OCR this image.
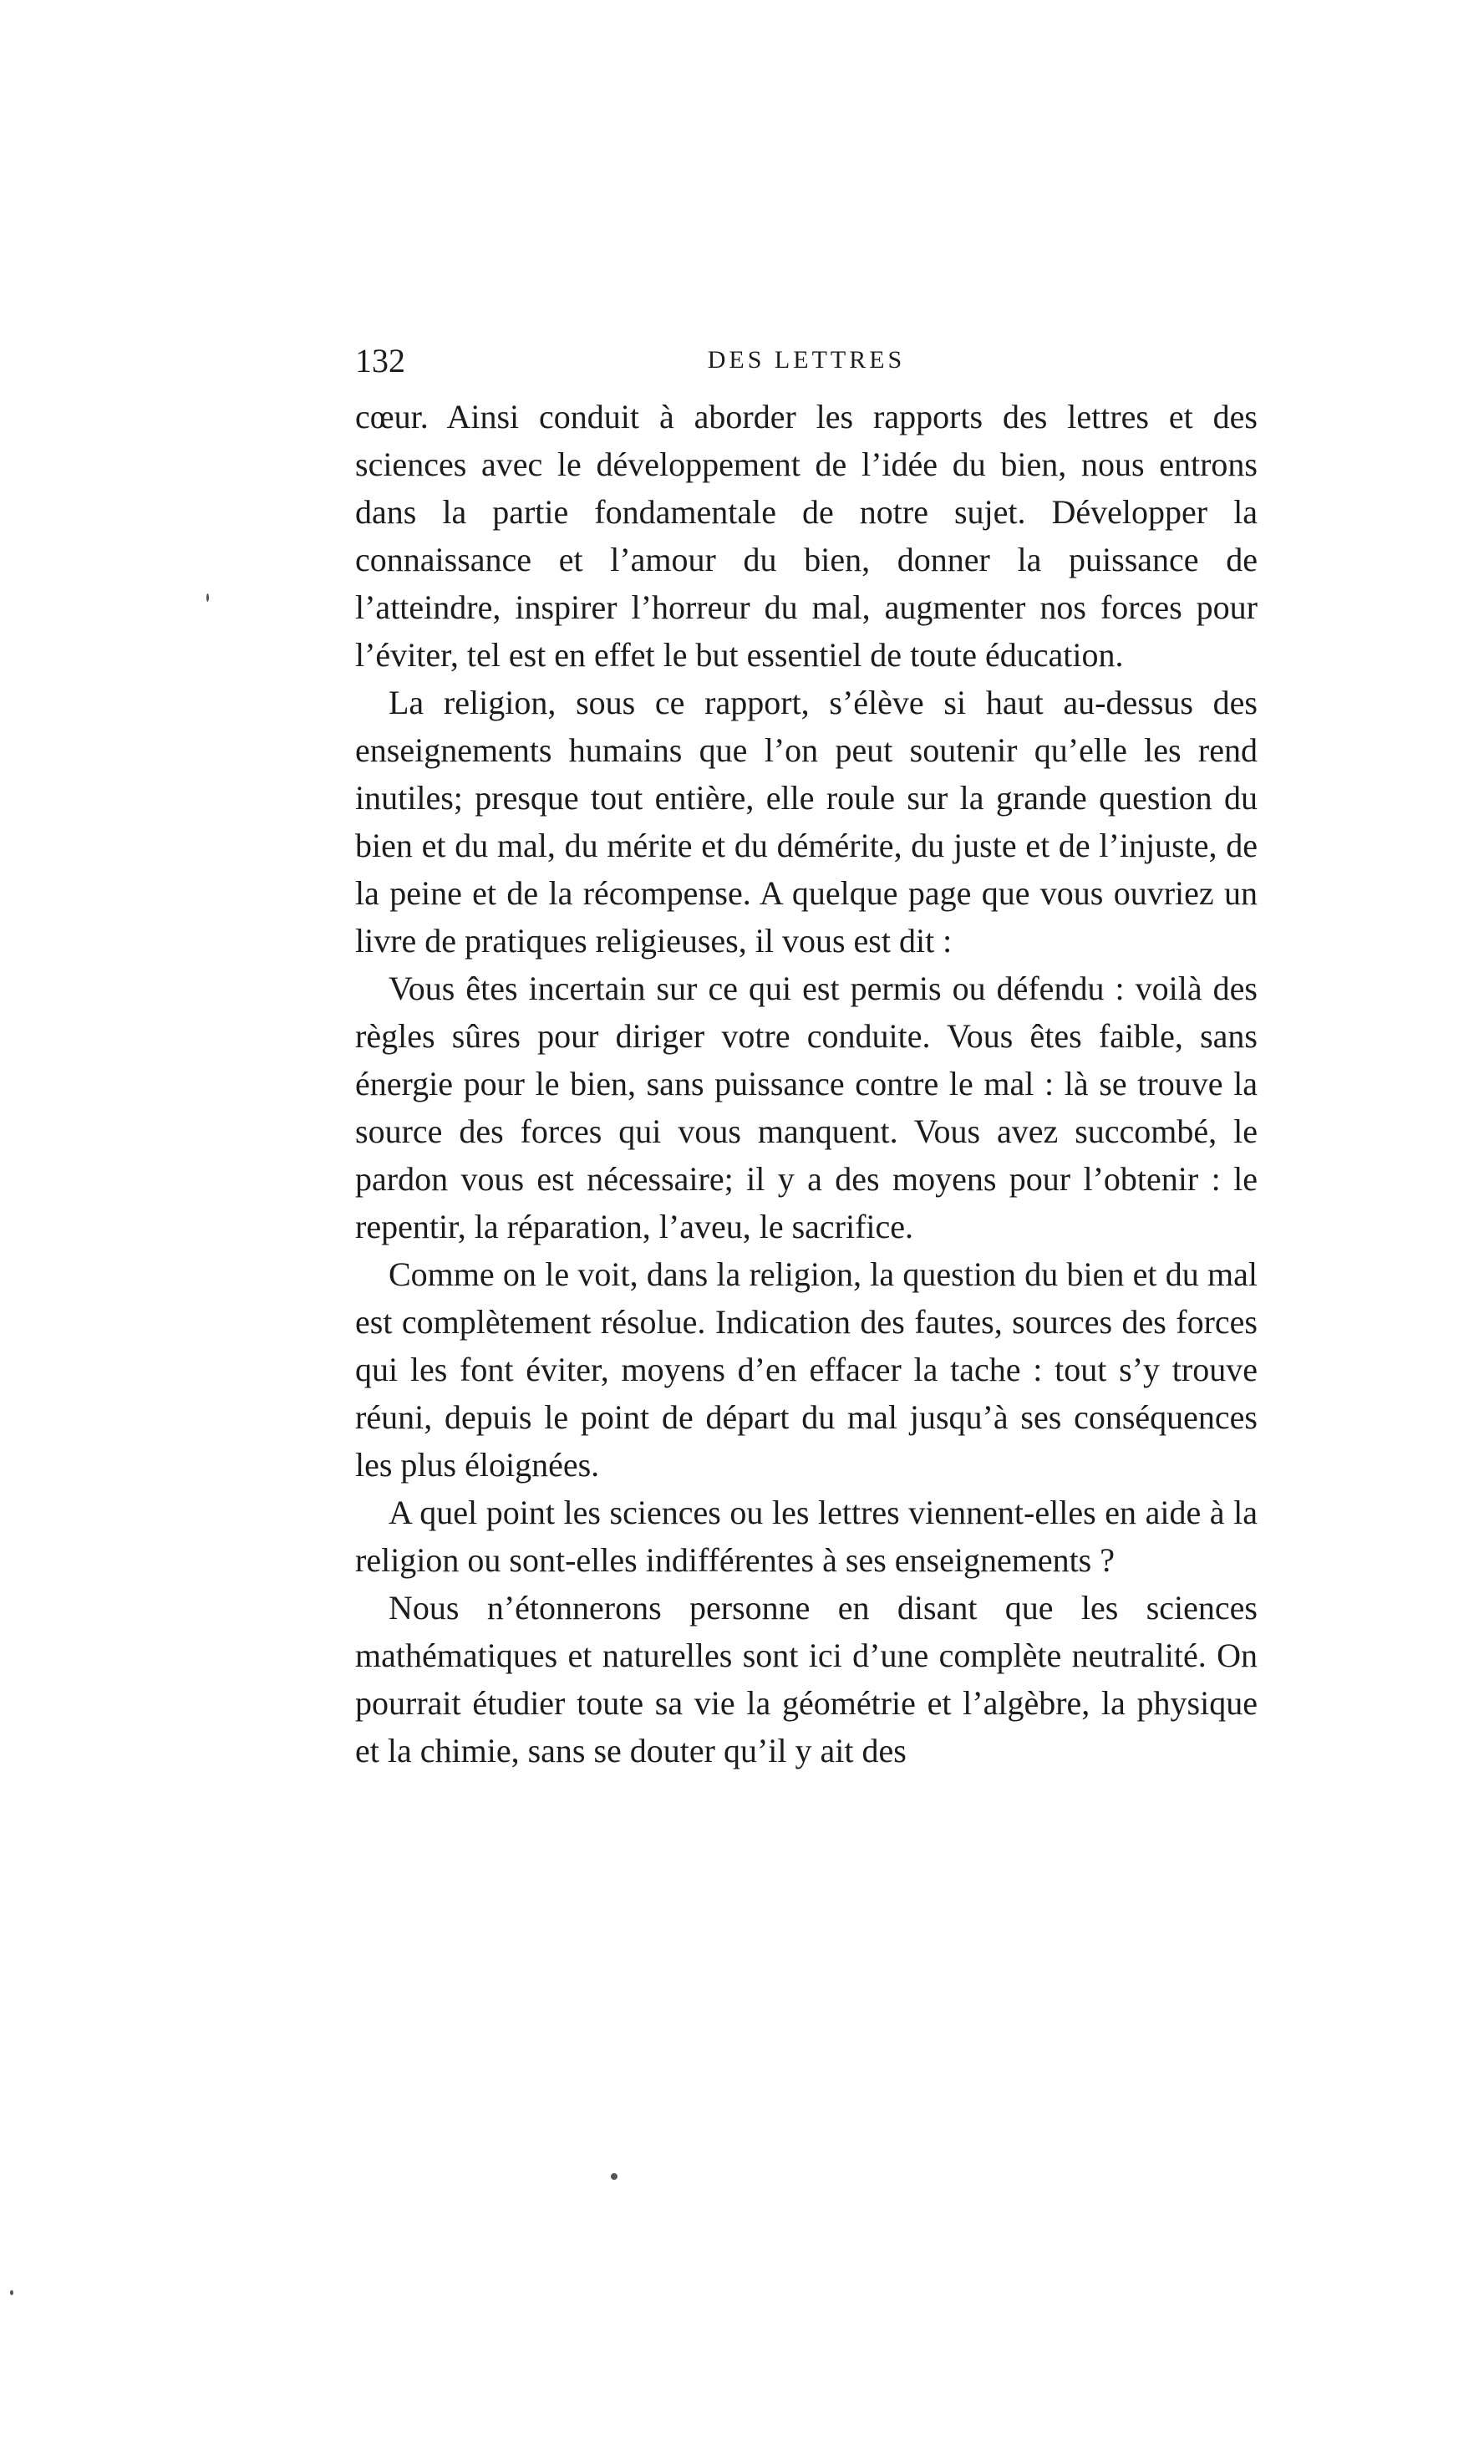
132	DES LETTRES

cœur. Ainsi conduit à aborder les rapports des lettres et des sciences avec le développement de l’idée du bien, nous entrons dans la partie fondamentale de notre sujet. Développer la connaissance et l’amour du bien, donner la puissance de l’atteindre, inspirer l’horreur du mal, augmenter nos forces pour l’éviter, tel est en effet le but essentiel de toute éducation.

La religion, sous ce rapport, s’élève si haut au-dessus des enseignements humains que l’on peut soutenir qu’elle les rend inutiles; presque tout entière, elle roule sur la grande question du bien et du mal, du mérite et du démérite, du juste et de l’injuste, de la peine et de la récompense. A quelque page que vous ouvriez un livre de pratiques religieuses, il vous est dit :

Vous êtes incertain sur ce qui est permis ou défendu : voilà des règles sûres pour diriger votre conduite. Vous êtes faible, sans énergie pour le bien, sans puissance contre le mal : là se trouve la source des forces qui vous manquent. Vous avez succombé, le pardon vous est nécessaire; il y a des moyens pour l’obtenir : le repentir, la réparation, l’aveu, le sacrifice.

Comme on le voit, dans la religion, la question du bien et du mal est complètement résolue. Indication des fautes, sources des forces qui les font éviter, moyens d’en effacer la tache : tout s’y trouve réuni, depuis le point de départ du mal jusqu’à ses conséquences les plus éloignées.

A quel point les sciences ou les lettres viennent-elles en aide à la religion ou sont-elles indifférentes à ses enseignements ?

Nous n’étonnerons personne en disant que les sciences mathématiques et naturelles sont ici d’une complète neutralité. On pourrait étudier toute sa vie la géométrie et l’algèbre, la physique et la chimie, sans se douter qu’il y ait des
